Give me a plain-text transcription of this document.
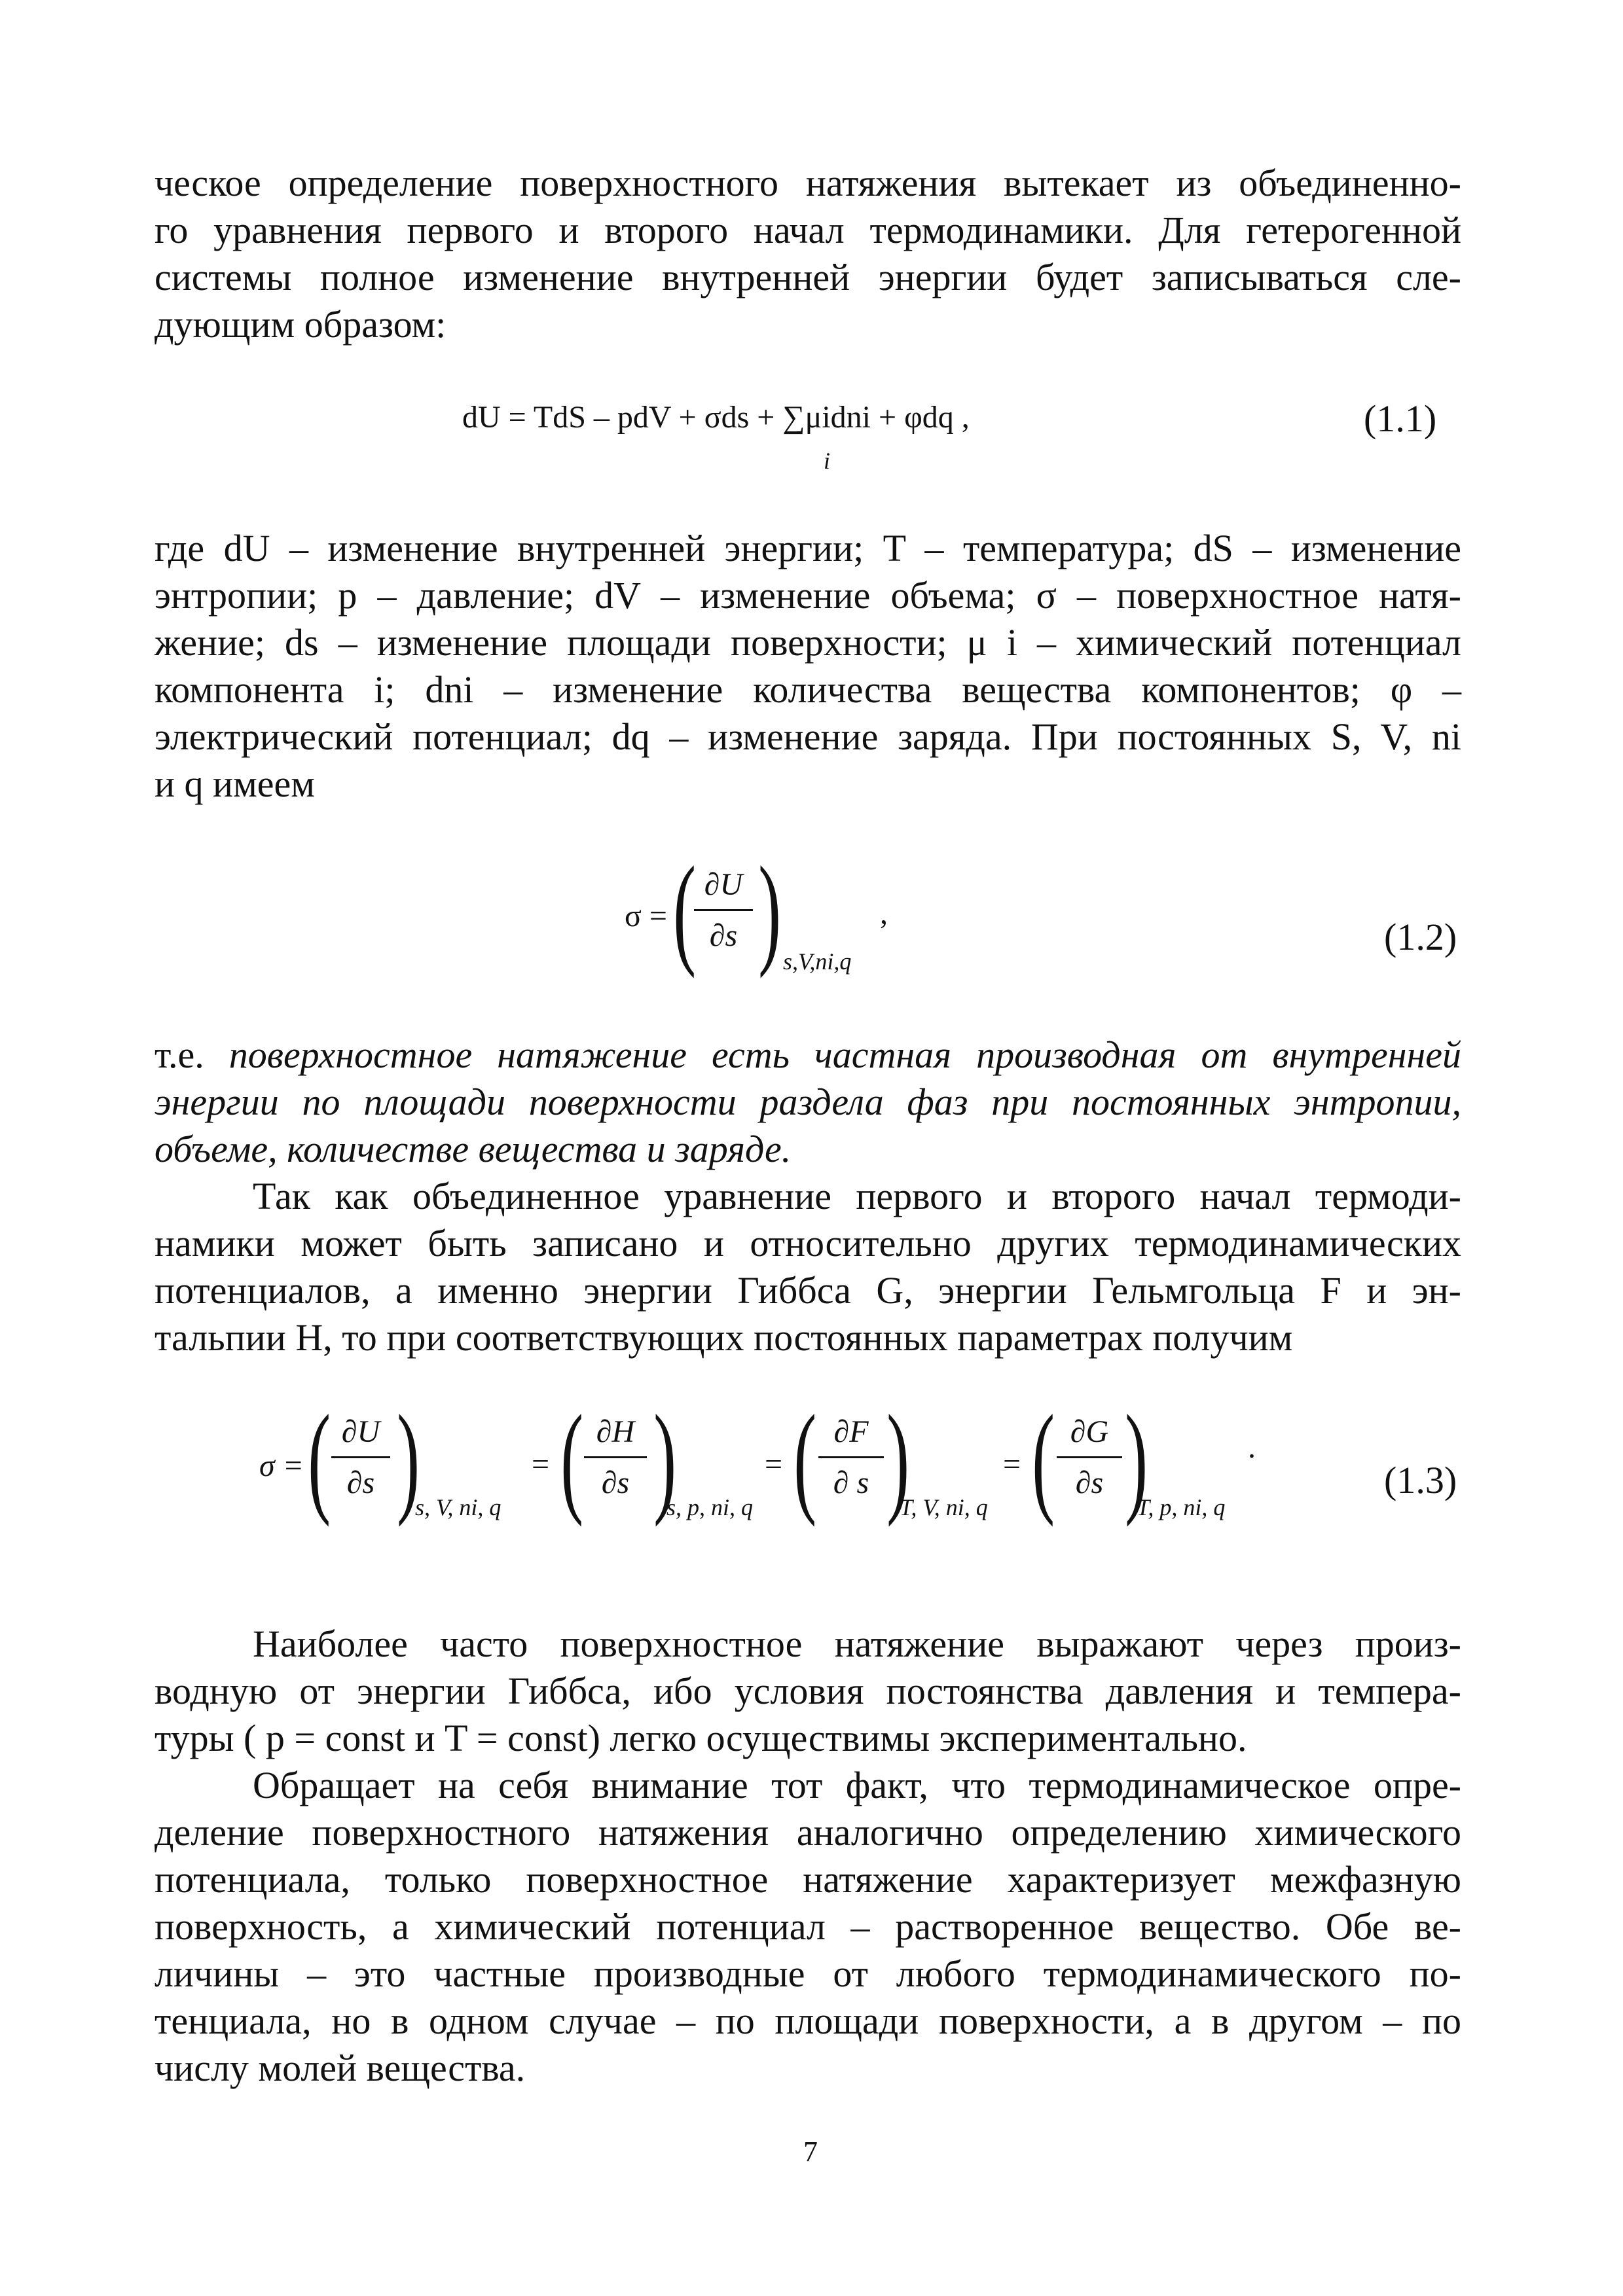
ческое определение поверхностного натяжения вытекает из объединенно-
го уравнения первого и второго начал термодинамики. Для гетерогенной
системы полное изменение внутренней энергии будет записываться сле-
дующим образом:
dU = TdS – pdV + σds + ∑μidni + φdq ,
i
(1.1)
где dU – изменение внутренней энергии; T – температура; dS – изменение
энтропии; p – давление; dV – изменение объема; σ – поверхностное натя-
жение; ds – изменение площади поверхности; μ i – химический потенциал
компонента i; dni – изменение количества вещества компонентов; φ –
электрический потенциал; dq – изменение заряда. При постоянных S, V, ni
и q имеем
σ = ( ∂U
∂s ) s,V,ni,q
,
(1.2)
т.е. поверхностное натяжение есть частная производная от внутренней
энергии по площади поверхности раздела фаз при постоянных энтропии,
объеме, количестве вещества и заряде.
Так как объединенное уравнение первого и второго начал термоди-
намики может быть записано и относительно других термодинамических
потенциалов, а именно энергии Гиббса G, энергии Гельмгольца F и эн-
тальпии H, то при соответствующих постоянных параметрах получим
σ = ( ∂U
∂s )
s, V, ni, q
= ( ∂H
∂s )
s, p, ni, q
= ( ∂F
∂ s )
T, V, ni, q
= ( ∂G
∂s )
T, p, ni, q
.
(1.3)
Наиболее часто поверхностное натяжение выражают через произ-
водную от энергии Гиббса, ибо условия постоянства давления и темпера-
туры ( p = const и T = const) легко осуществимы экспериментально.
Обращает на себя внимание тот факт, что термодинамическое опре-
деление поверхностного натяжения аналогично определению химического
потенциала, только поверхностное натяжение характеризует межфазную
поверхность, а химический потенциал – растворенное вещество. Обе ве-
личины – это частные производные от любого термодинамического по-
тенциала, но в одном случае – по площади поверхности, а в другом – по
числу молей вещества.
7
